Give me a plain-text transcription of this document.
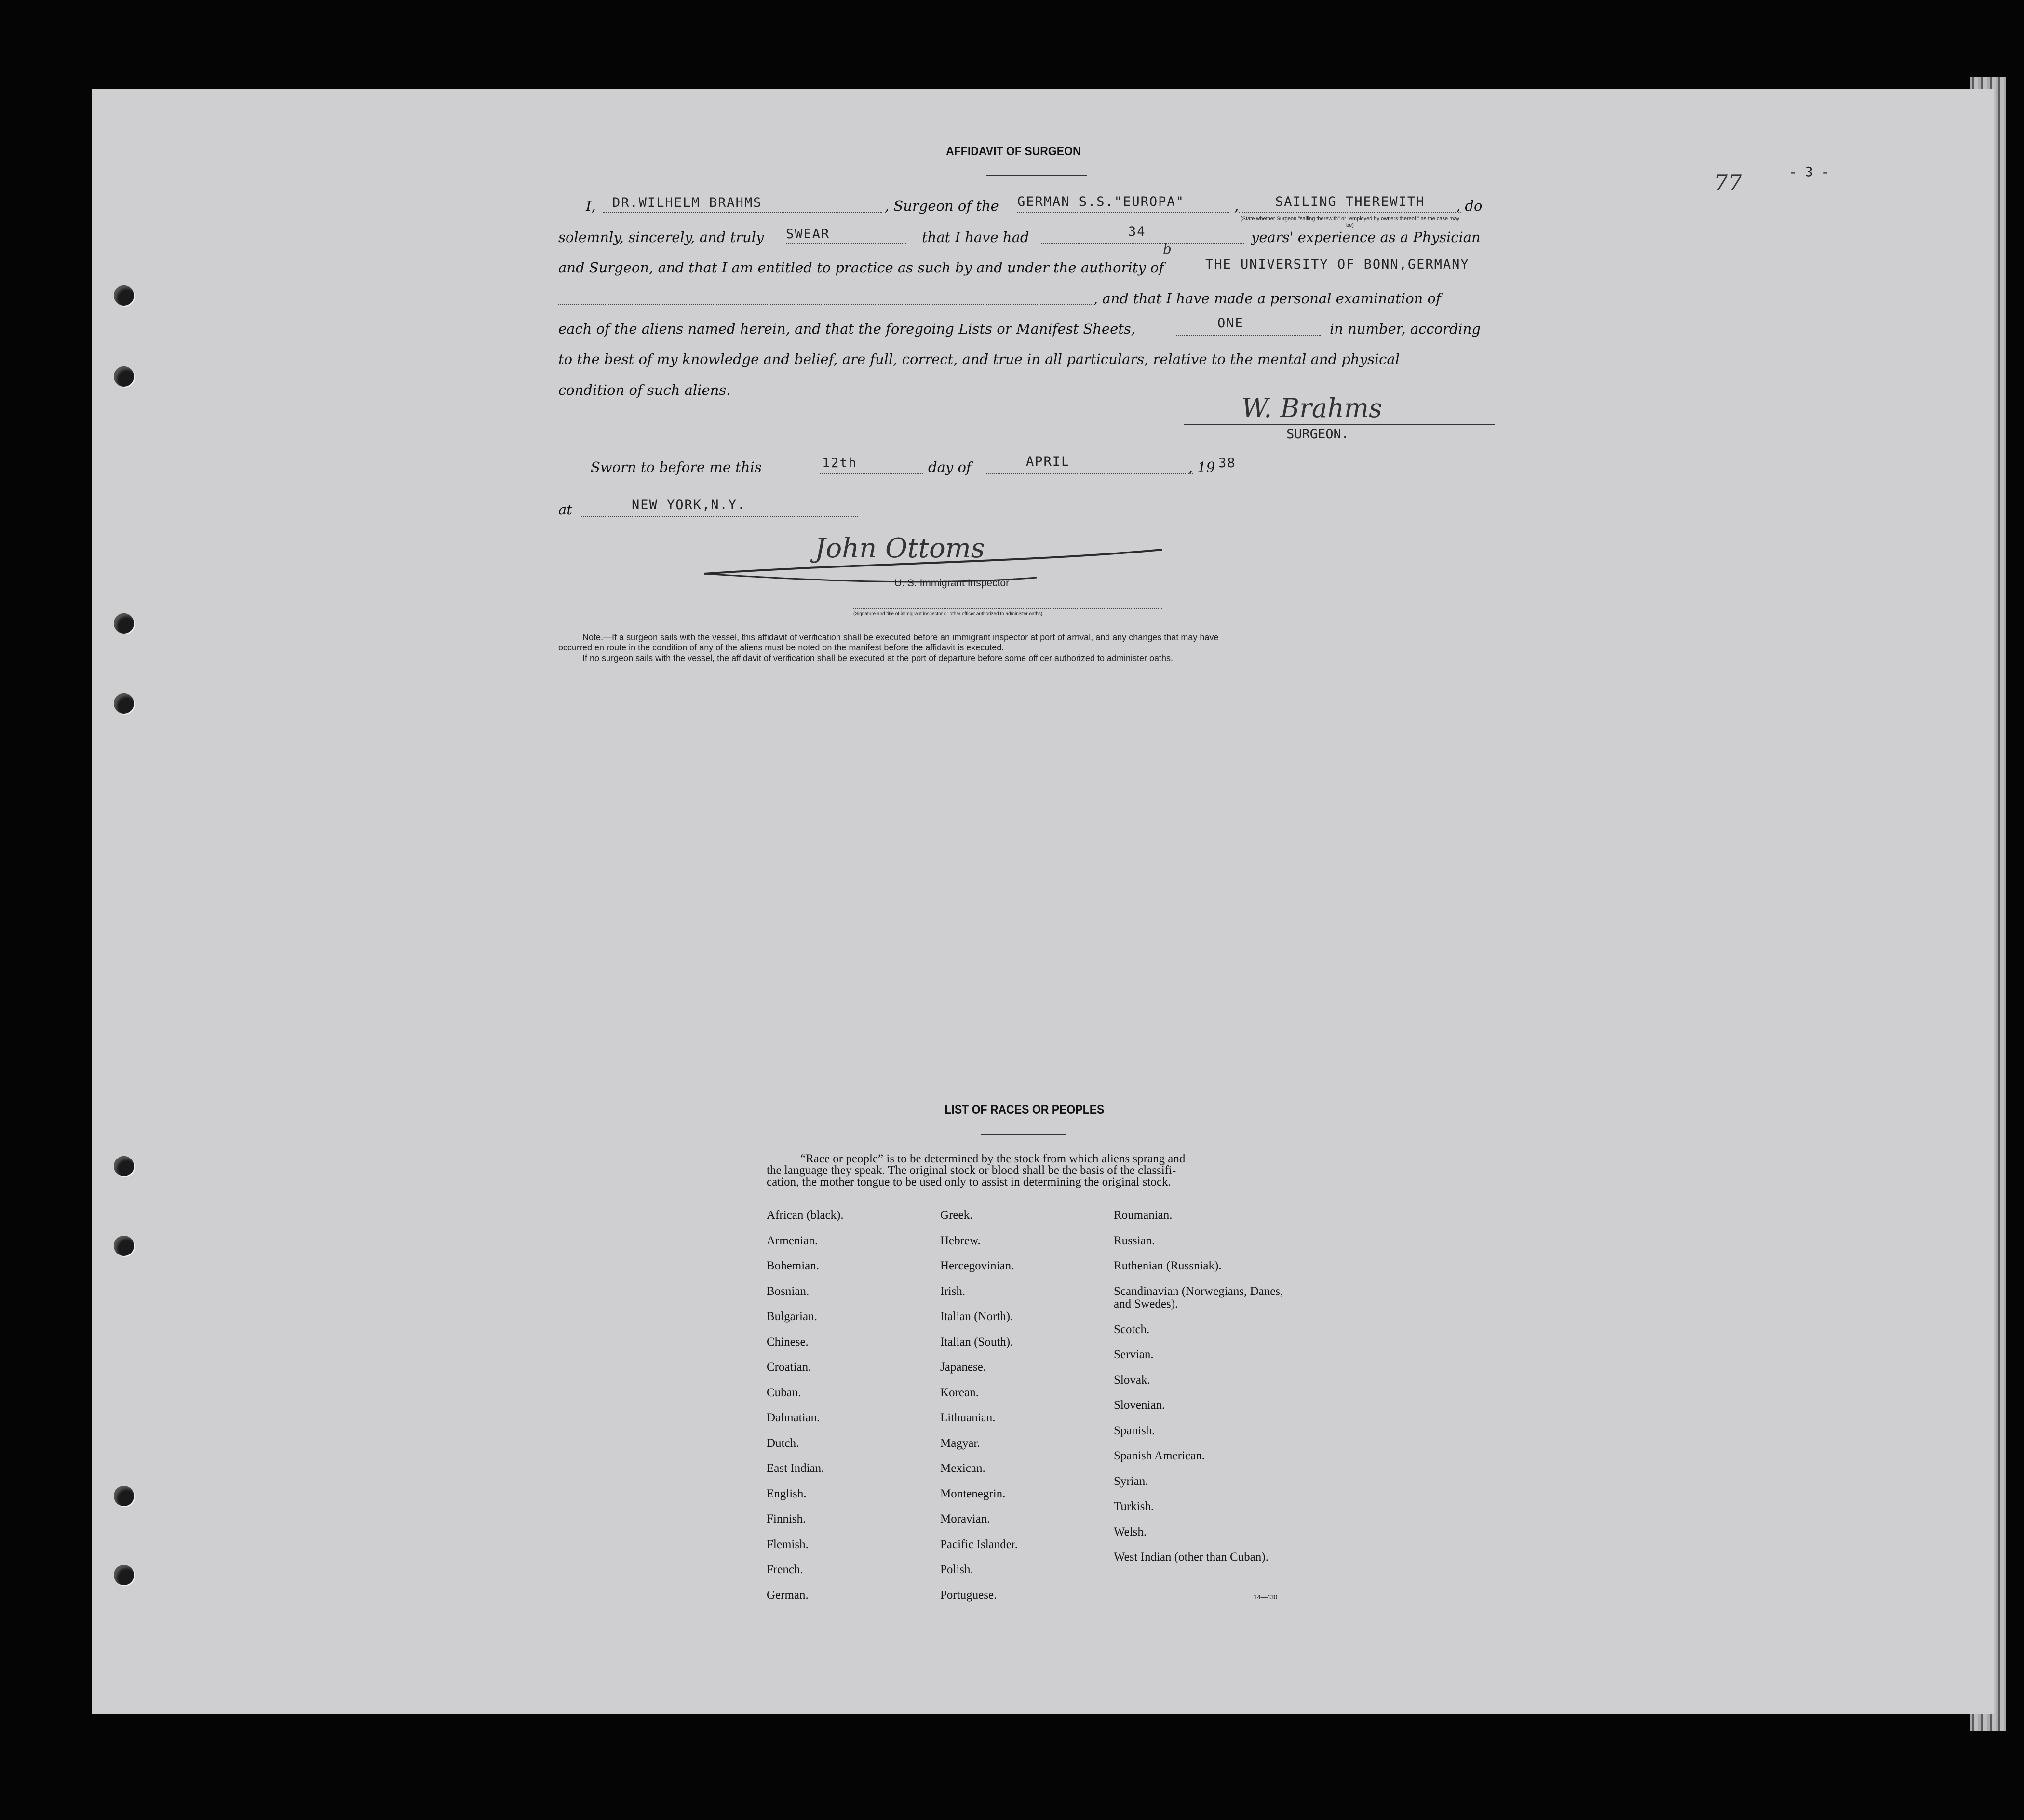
77	- 3 -
AFFIDAVIT OF SURGEON
I, DR.WILHELM BRAHMS	, Surgeon of the GERMAN S.S."EUROPA"	,	SAILING THEREWITH , do
(State whether Surgeon "sailing therewith" or "employed by owners thereof," as the case may be)
solemnly, sincerely, and truly SWEAR	that I have had	34	years' experience as a Physician
and Surgeon, and that I am entitled to practice as such by and under the authority of	THE UNIVERSITY OF BONN,GERMANY
b
, and that I have made a personal examination of
each of the aliens named herein, and that the foregoing Lists or Manifest Sheets,	ONE	in number, according
to the best of my knowledge and belief, are full, correct, and true in all particulars, relative to the mental and physical
condition of such aliens.
W. Brahms
SURGEON.
Sworn to before me this	12th	day of	APRIL	, 19 38
at	NEW YORK,N.Y.
John Ottoms
U. S. Immigrant Inspector
(Signature and title of immigrant inspector or other officer authorized to administer oaths)
Note.—If a surgeon sails with the vessel, this affidavit of verification shall be executed before an immigrant inspector at port of arrival, and any changes that may have
occurred en route in the condition of any of the aliens must be noted on the manifest before the affidavit is executed.
If no surgeon sails with the vessel, the affidavit of verification shall be executed at the port of departure before some officer authorized to administer oaths.
LIST OF RACES OR PEOPLES
“Race or people” is to be determined by the stock from which aliens sprang and
the language they speak. The original stock or blood shall be the basis of the classifi-
cation, the mother tongue to be used only to assist in determining the original stock.
African (black).
Armenian.
Bohemian.
Bosnian.
Bulgarian.
Chinese.
Croatian.
Cuban.
Dalmatian.
Dutch.
East Indian.
English.
Finnish.
Flemish.
French.
German.
Greek.
Hebrew.
Hercegovinian.
Irish.
Italian (North).
Italian (South).
Japanese.
Korean.
Lithuanian.
Magyar.
Mexican.
Montenegrin.
Moravian.
Pacific Islander.
Polish.
Portuguese.
Roumanian.
Russian.
Ruthenian (Russniak).
Scandinavian (Norwegians, Danes, and Swedes).
Scotch.
Servian.
Slovak.
Slovenian.
Spanish.
Spanish American.
Syrian.
Turkish.
Welsh.
West Indian (other than Cuban).
14—430
